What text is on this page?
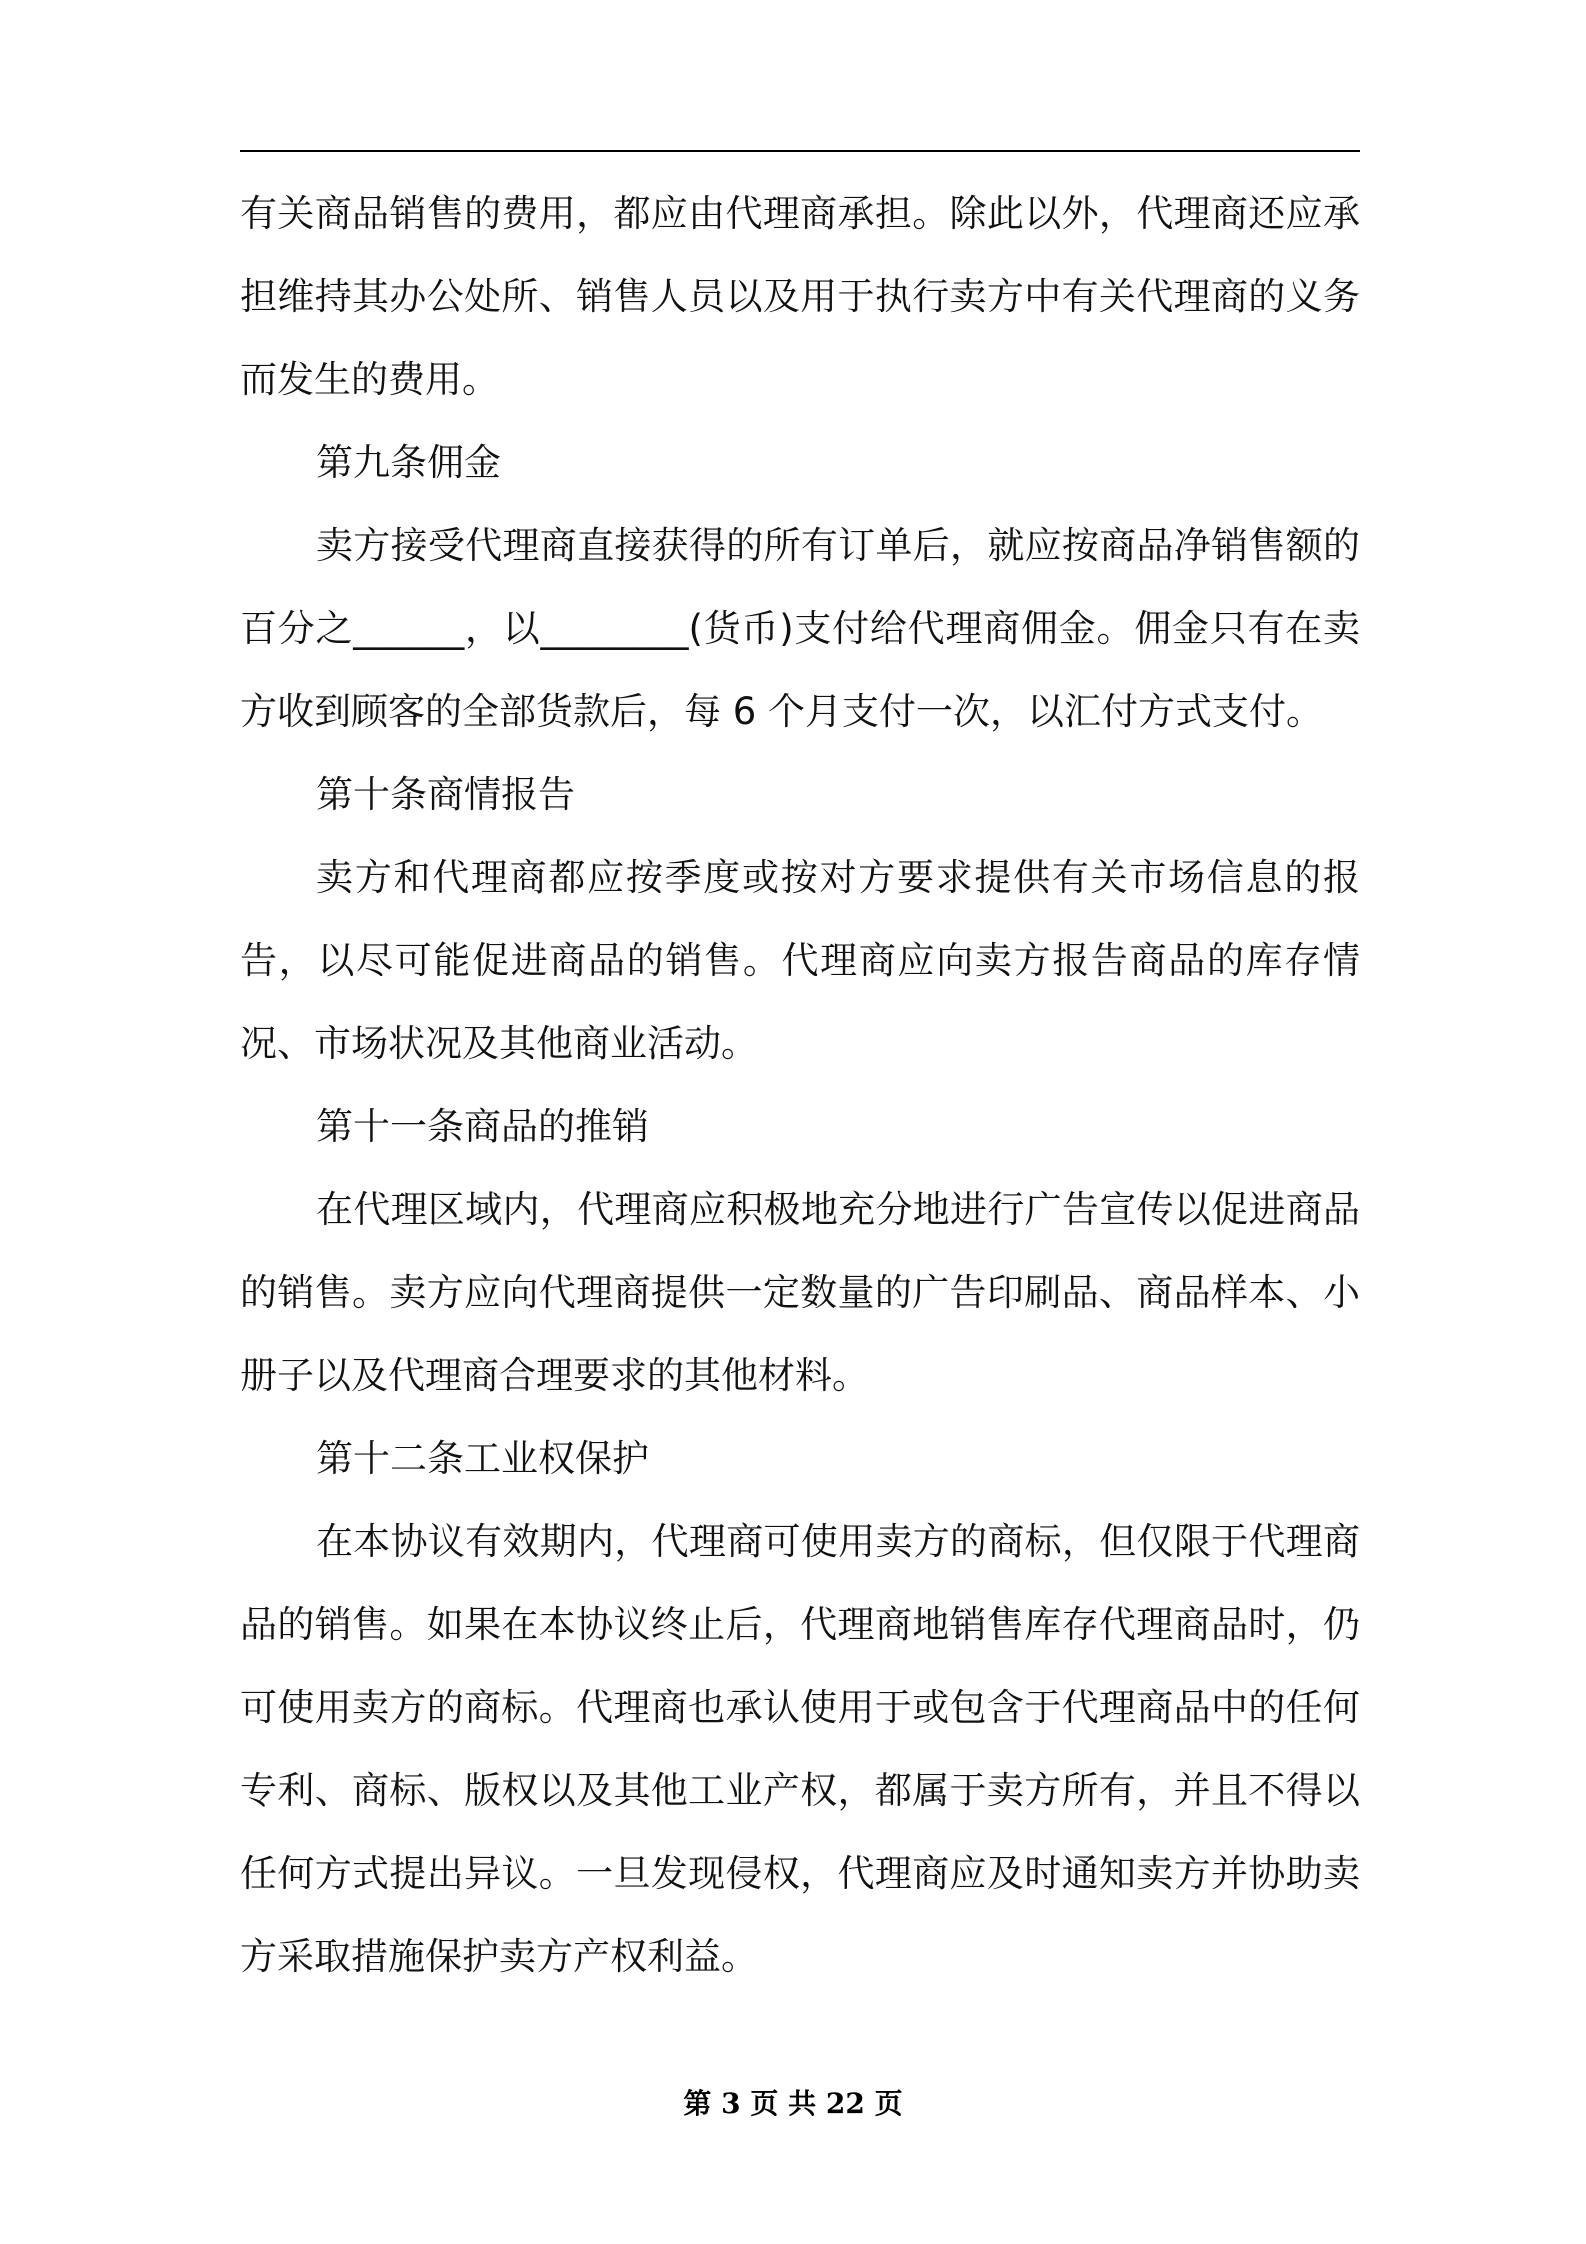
有关商品销售的费用，都应由代理商承担。除此以外，代理商还应承担维持其办公处所、销售人员以及用于执行卖方中有关代理商的义务而发生的费用。

第九条佣金

卖方接受代理商直接获得的所有订单后，就应按商品净销售额的百分之______，以________(货币)支付给代理商佣金。佣金只有在卖方收到顾客的全部货款后，每 6 个月支付一次，以汇付方式支付。

第十条商情报告

卖方和代理商都应按季度或按对方要求提供有关市场信息的报告，以尽可能促进商品的销售。代理商应向卖方报告商品的库存情况、市场状况及其他商业活动。

第十一条商品的推销

在代理区域内，代理商应积极地充分地进行广告宣传以促进商品的销售。卖方应向代理商提供一定数量的广告印刷品、商品样本、小册子以及代理商合理要求的其他材料。

第十二条工业权保护

在本协议有效期内，代理商可使用卖方的商标，但仅限于代理商品的销售。如果在本协议终止后，代理商地销售库存代理商品时，仍可使用卖方的商标。代理商也承认使用于或包含于代理商品中的任何专利、商标、版权以及其他工业产权，都属于卖方所有，并且不得以任何方式提出异议。一旦发现侵权，代理商应及时通知卖方并协助卖方采取措施保护卖方产权利益。

第 3 页 共 22 页
